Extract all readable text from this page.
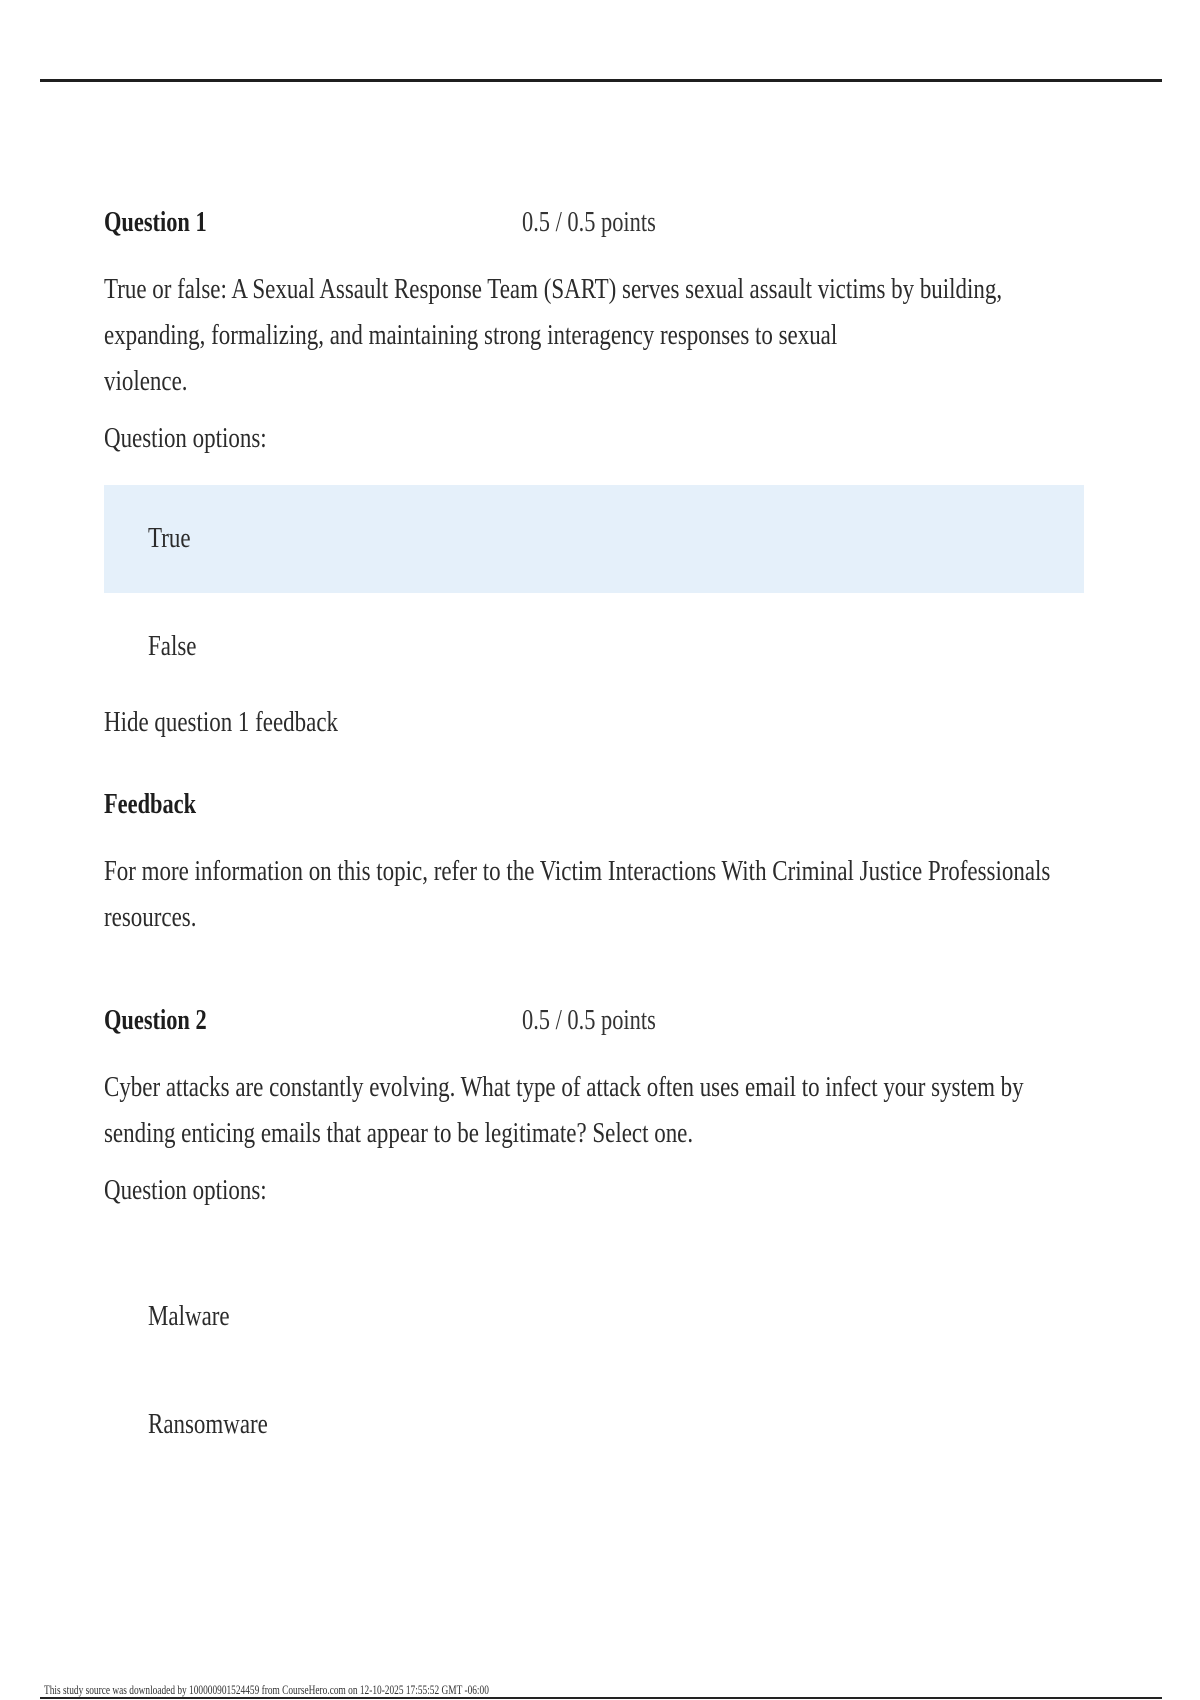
Question 1	0.5 / 0.5 points
True or false: A Sexual Assault Response Team (SART) serves sexual assault victims by building,
expanding, formalizing, and maintaining strong interagency responses to sexual
violence.
Question options:
True
False
Hide question 1 feedback
Feedback
For more information on this topic, refer to the Victim Interactions With Criminal Justice Professionals
resources.
Question 2	0.5 / 0.5 points
Cyber attacks are constantly evolving. What type of attack often uses email to infect your system by
sending enticing emails that appear to be legitimate? Select one.
Question options:
Malware
Ransomware
This study source was downloaded by 100000901524459 from CourseHero.com on 12-10-2025 17:55:52 GMT -06:00
